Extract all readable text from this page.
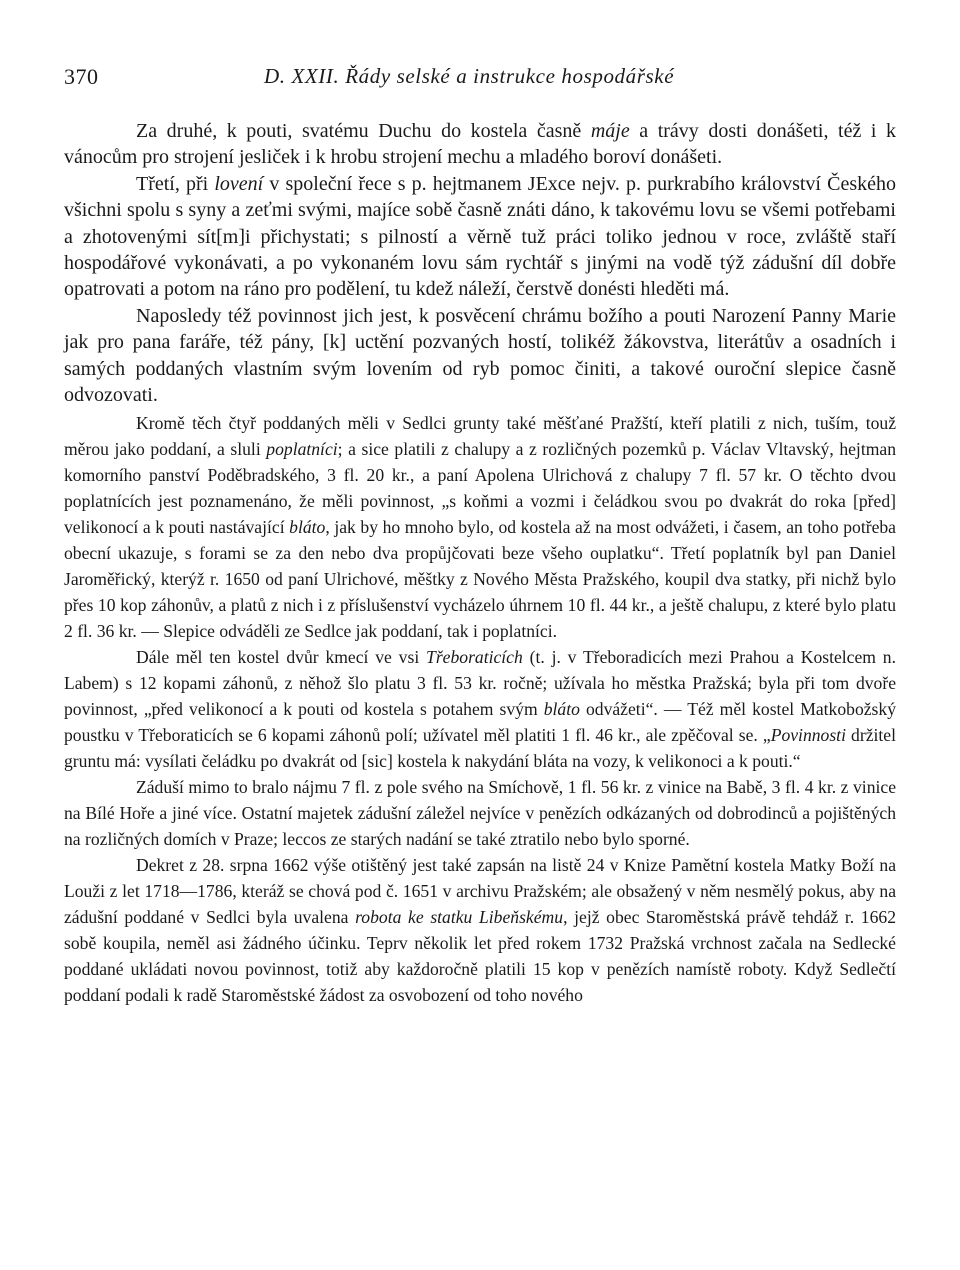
370	D. XXII. Řády selské a instrukce hospodářské

Za druhé, k pouti, svatému Duchu do kostela časně máje a trávy dosti donášeti, též i k vánocům pro strojení jesliček i k hrobu strojení mechu a mladého boroví donášeti.

Třetí, při lovení v společní řece s p. hejtmanem JExce nejv. p. purkrabího království Českého všichni spolu s syny a zeťmi svými, majíce sobě časně znáti dáno, k takovému lovu se všemi potřebami a zhotovenými sít[m]i přichystati; s pilností a věrně tuž práci toliko jednou v roce, zvláště staří hospodářové vykonávati, a po vykonaném lovu sám rychtář s jinými na vodě týž zádušní díl dobře opatrovati a potom na ráno pro podělení, tu kdež náleží, čerstvě donésti hleděti má.

Naposledy též povinnost jich jest, k posvěcení chrámu božího a pouti Narození Panny Marie jak pro pana faráře, též pány, [k] uctění pozvaných hostí, tolikéž žákovstva, literátův a osadních i samých poddaných vlastním svým lovením od ryb pomoc činiti, a takové ouroční slepice časně odvozovati.

Kromě těch čtyř poddaných měli v Sedlci grunty také měšťané Pražští, kteří platili z nich, tuším, touž měrou jako poddaní, a sluli poplatníci; a sice platili z chalupy a z rozličných pozemků p. Václav Vltavský, hejtman komorního panství Poděbradského, 3 fl. 20 kr., a paní Apolena Ulrichová z chalupy 7 fl. 57 kr. O těchto dvou poplatnících jest poznamenáno, že měli povinnost, „s koňmi a vozmi i čeládkou svou po dvakrát do roka [před] velikonocí a k pouti nastávající bláto, jak by ho mnoho bylo, od kostela až na most odvážeti, i časem, an toho potřeba obecní ukazuje, s forami se za den nebo dva propůjčovati beze všeho ouplatku“. Třetí poplatník byl pan Daniel Jaroměřický, kterýž r. 1650 od paní Ulrichové, měštky z Nového Města Pražského, koupil dva statky, při nichž bylo přes 10 kop záhonův, a platů z nich i z příslušenství vycházelo úhrnem 10 fl. 44 kr., a ještě chalupu, z které bylo platu 2 fl. 36 kr. — Slepice odváděli ze Sedlce jak poddaní, tak i poplatníci.

Dále měl ten kostel dvůr kmecí ve vsi Třeboraticích (t. j. v Třeboradicích mezi Prahou a Kostelcem n. Labem) s 12 kopami záhonů, z něhož šlo platu 3 fl. 53 kr. ročně; užívala ho městka Pražská; byla při tom dvoře povinnost, „před velikonocí a k pouti od kostela s potahem svým bláto odvážeti“. — Též měl kostel Matkobožský poustku v Třeboraticích se 6 kopami záhonů polí; užívatel měl platiti 1 fl. 46 kr., ale zpěčoval se. „Povinnosti držitel gruntu má: vysílati čeládku po dvakrát od [sic] kostela k nakydání bláta na vozy, k velikonoci a k pouti.“

Záduší mimo to bralo nájmu 7 fl. z pole svého na Smíchově, 1 fl. 56 kr. z vinice na Babě, 3 fl. 4 kr. z vinice na Bílé Hoře a jiné více. Ostatní majetek zádušní záležel nejvíce v penězích odkázaných od dobrodinců a pojištěných na rozličných domích v Praze; leccos ze starých nadání se také ztratilo nebo bylo sporné.

Dekret z 28. srpna 1662 výše otištěný jest také zapsán na listě 24 v Knize Pamětní kostela Matky Boží na Louži z let 1718—1786, kteráž se chová pod č. 1651 v archivu Pražském; ale obsažený v něm nesmělý pokus, aby na zádušní poddané v Sedlci byla uvalena robota ke statku Libeňskému, jejž obec Staroměstská právě tehdáž r. 1662 sobě koupila, neměl asi žádného účinku. Teprv několik let před rokem 1732 Pražská vrchnost začala na Sedlecké poddané ukládati novou povinnost, totiž aby každoročně platili 15 kop v penězích namístě roboty. Když Sedlečtí poddaní podali k radě Staroměstské žádost za osvobození od toho nového
